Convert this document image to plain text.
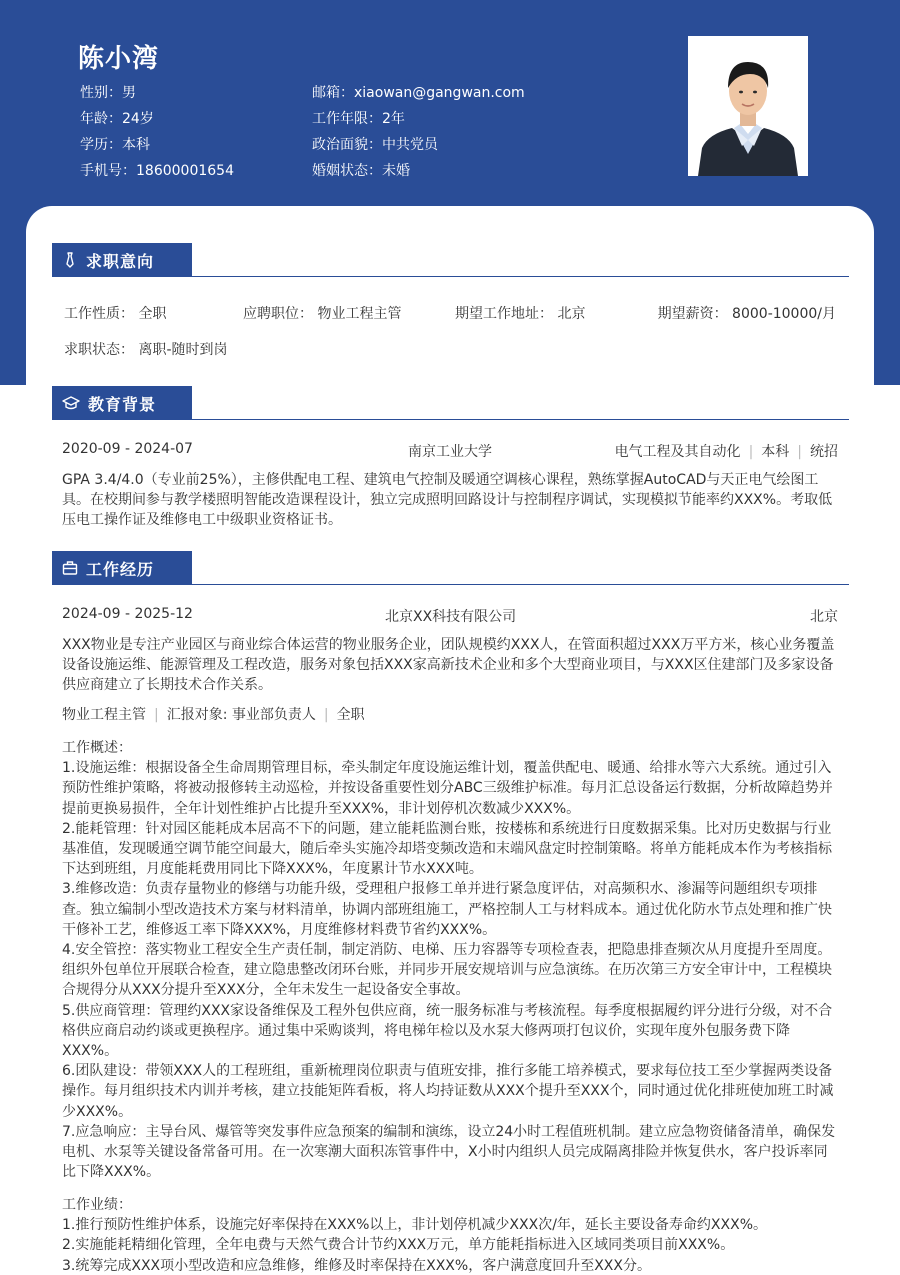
陈小湾
性别：男
年龄：24岁
学历：本科
手机号：18600001654
邮箱：xiaowan@gangwan.com
工作年限：2年
政治面貌：中共党员
婚姻状态：未婚
求职意向
工作性质： 全职	应聘职位： 物业工程主管	期望工作地址： 北京	期望薪资： 8000-10000/月
求职状态： 离职-随时到岗
教育背景
2020-09 - 2024-07	南京工业大学	电气工程及其自动化 | 本科 | 统招
GPA 3.4/4.0（专业前25%），主修供配电工程、建筑电气控制及暖通空调核心课程，熟练掌握AutoCAD与天正电气绘图工具。在校期间参与教学楼照明智能改造课程设计，独立完成照明回路设计与控制程序调试，实现模拟节能率约XXX%。考取低压电工操作证及维修电工中级职业资格证书。
工作经历
2024-09 - 2025-12	北京XX科技有限公司	北京
XXX物业是专注产业园区与商业综合体运营的物业服务企业，团队规模约XXX人，在管面积超过XXX万平方米，核心业务覆盖设备设施运维、能源管理及工程改造，服务对象包括XXX家高新技术企业和多个大型商业项目，与XXX区住建部门及多家设备供应商建立了长期技术合作关系。
物业工程主管 | 汇报对象: 事业部负责人 | 全职
工作概述：
1.设施运维：根据设备全生命周期管理目标，牵头制定年度设施运维计划，覆盖供配电、暖通、给排水等六大系统。通过引入预防性维护策略，将被动报修转主动巡检，并按设备重要性划分ABC三级维护标准。每月汇总设备运行数据，分析故障趋势并提前更换易损件，全年计划性维护占比提升至XXX%，非计划停机次数减少XXX%。
2.能耗管理：针对园区能耗成本居高不下的问题，建立能耗监测台账，按楼栋和系统进行日度数据采集。比对历史数据与行业基准值，发现暖通空调节能空间最大，随后牵头实施冷却塔变频改造和末端风盘定时控制策略。将单方能耗成本作为考核指标下达到班组，月度能耗费用同比下降XXX%，年度累计节水XXX吨。
3.维修改造：负责存量物业的修缮与功能升级，受理租户报修工单并进行紧急度评估，对高频积水、渗漏等问题组织专项排查。独立编制小型改造技术方案与材料清单，协调内部班组施工，严格控制人工与材料成本。通过优化防水节点处理和推广快干修补工艺，维修返工率下降XXX%，月度维修材料费节省约XXX%。
4.安全管控：落实物业工程安全生产责任制，制定消防、电梯、压力容器等专项检查表，把隐患排查频次从月度提升至周度。组织外包单位开展联合检查，建立隐患整改闭环台账，并同步开展安规培训与应急演练。在历次第三方安全审计中，工程模块合规得分从XXX分提升至XXX分，全年未发生一起设备安全事故。
5.供应商管理：管理约XXX家设备维保及工程外包供应商，统一服务标准与考核流程。每季度根据履约评分进行分级，对不合格供应商启动约谈或更换程序。通过集中采购谈判，将电梯年检以及水泵大修两项打包议价，实现年度外包服务费下降XXX%。
6.团队建设：带领XXX人的工程班组，重新梳理岗位职责与值班安排，推行多能工培养模式，要求每位技工至少掌握两类设备操作。每月组织技术内训并考核，建立技能矩阵看板，将人均持证数从XXX个提升至XXX个，同时通过优化排班使加班工时减少XXX%。
7.应急响应：主导台风、爆管等突发事件应急预案的编制和演练，设立24小时工程值班机制。建立应急物资储备清单，确保发电机、水泵等关键设备常备可用。在一次寒潮大面积冻管事件中，X小时内组织人员完成隔离排险并恢复供水，客户投诉率同比下降XXX%。
工作业绩：
1.推行预防性维护体系，设施完好率保持在XXX%以上，非计划停机减少XXX次/年，延长主要设备寿命约XXX%。
2.实施能耗精细化管理，全年电费与天然气费合计节约XXX万元，单方能耗指标进入区域同类项目前XXX%。
3.统筹完成XXX项小型改造和应急维修，维修及时率保持在XXX%，客户满意度回升至XXX分。
